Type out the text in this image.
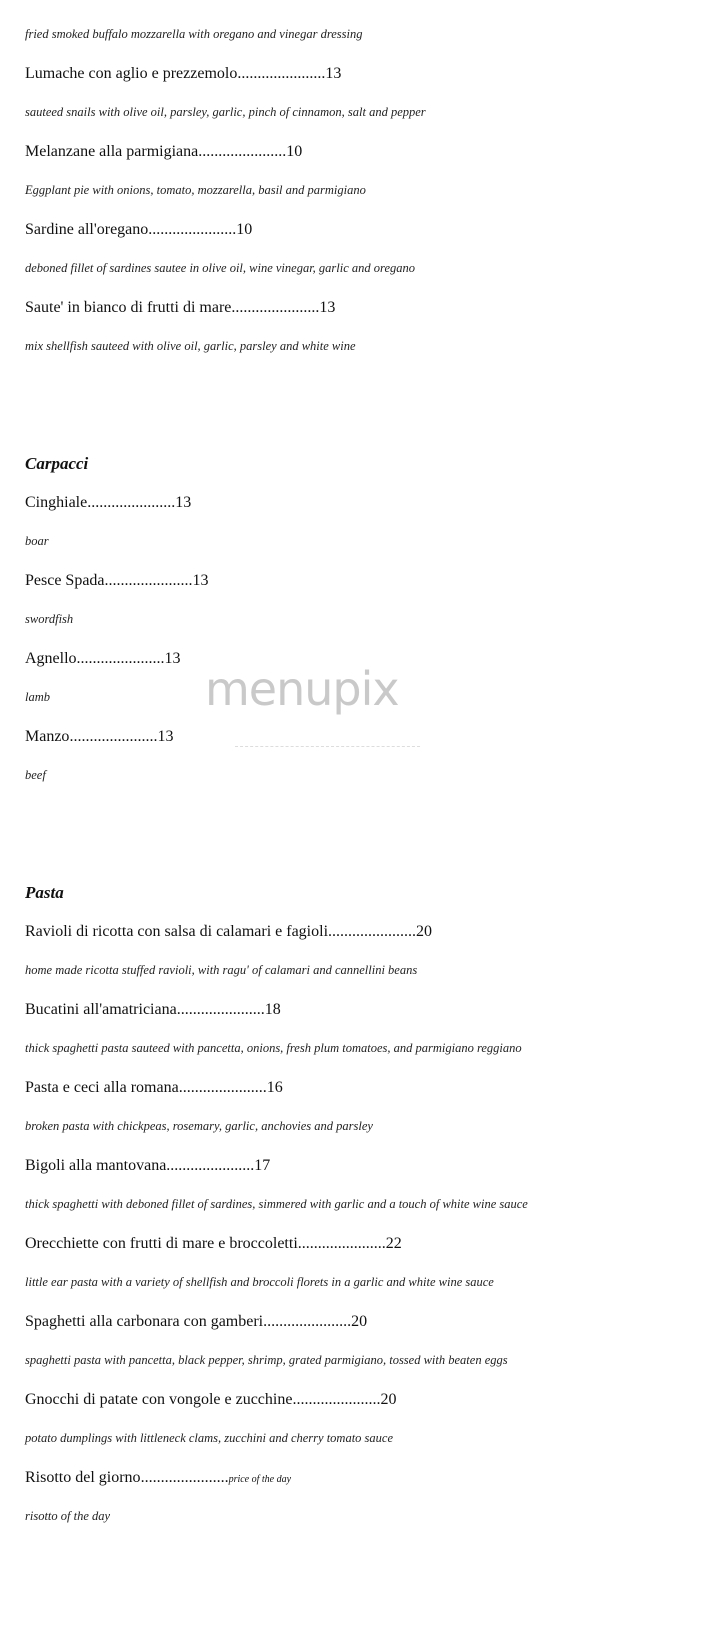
fried smoked buffalo mozzarella with oregano and vinegar dressing
Lumache con aglio e prezzemolo......................13
sauteed snails with olive oil, parsley, garlic, pinch of cinnamon, salt and pepper
Melanzane alla parmigiana......................10
Eggplant pie with onions, tomato, mozzarella, basil and parmigiano
Sardine all'oregano......................10
deboned fillet of sardines sautee in olive oil, wine vinegar, garlic and oregano
Saute' in bianco di frutti di mare......................13
mix shellfish sauteed with olive oil, garlic, parsley and white wine
Carpacci
Cinghiale......................13
boar
Pesce Spada......................13
swordfish
Agnello......................13
lamb
Manzo......................13
beef
Pasta
Ravioli di ricotta con salsa di calamari e fagioli......................20
home made ricotta stuffed ravioli, with ragu' of calamari and cannellini beans
Bucatini all'amatriciana......................18
thick spaghetti pasta sauteed with pancetta, onions, fresh plum tomatoes, and parmigiano reggiano
Pasta e ceci alla romana......................16
broken pasta with chickpeas, rosemary, garlic, anchovies and parsley
Bigoli alla mantovana......................17
thick spaghetti with deboned fillet of sardines, simmered with garlic and a touch of white wine sauce
Orecchiette con frutti di mare e broccoletti......................22
little ear pasta with a variety of shellfish and broccoli florets in a garlic and white wine sauce
Spaghetti alla carbonara con gamberi......................20
spaghetti pasta with pancetta, black pepper, shrimp, grated parmigiano, tossed with beaten eggs
Gnocchi di patate con vongole e zucchine......................20
potato dumplings with littleneck clams, zucchini and cherry tomato sauce
Risotto del giorno......................price of the day
risotto of the day
menupix
